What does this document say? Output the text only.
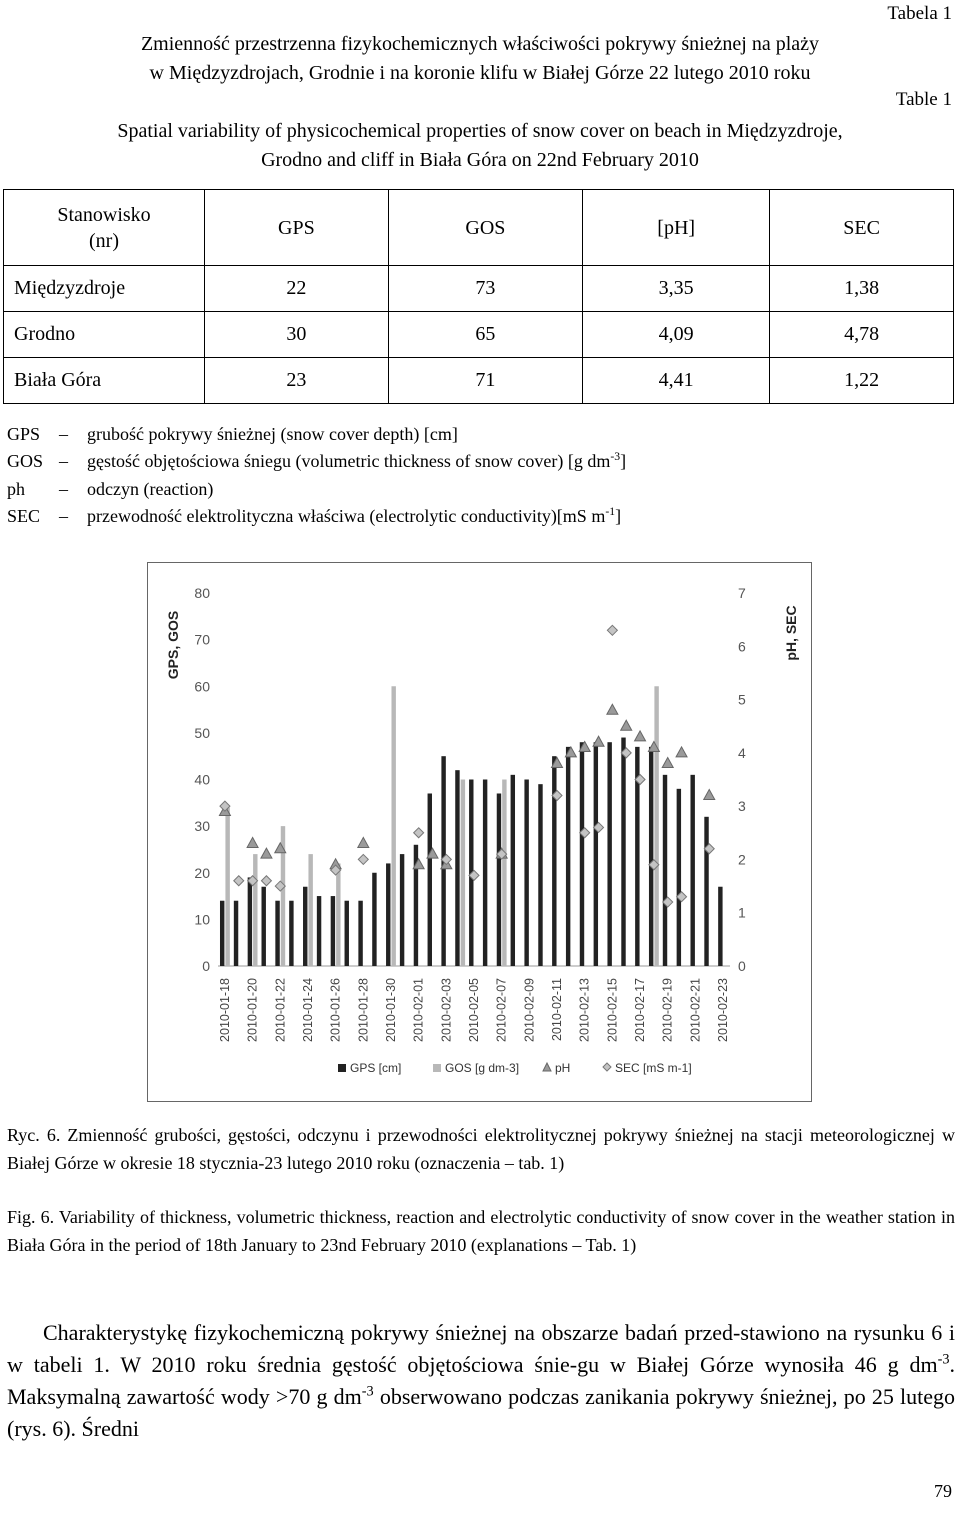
Tabela 1
Zmienność przestrzenna fizykochemicznych właściwości pokrywy śnieżnej na plaży
w Międzyzdrojach, Grodnie i na koronie klifu w Białej Górze 22 lutego 2010 roku
Table 1
Spatial variability of physicochemical properties of snow cover on beach in Międzyzdroje,
Grodno and cliff in Biała Góra on 22nd February 2010
Stanowisko
(nr)	GPS	GOS	[pH]	SEC
Międzyzdroje	22	73	3,35	1,38
Grodno	30	65	4,09	4,78
Biała Góra	23	71	4,41	1,22
GPS – grubość pokrywy śnieżnej (snow cover depth) [cm]
GOS – gęstość objętościowa śniegu (volumetric thickness of snow cover) [g $dm^{-3}$]
ph – odczyn (reaction)
SEC – przewodność elektrolityczna właściwa (electrolytic conductivity)[mS $m^{-1}$]
0
10
20
30
40
50
60
70
80
0
1
2
3
4
5
6
7
GPS, GOS	pH, SEC
2010-01-18 2010-01-20 2010-01-22 2010-01-24 2010-01-26 2010-01-28 2010-01-30 2010-02-01 2010-02-03 2010-02-05 2010-02-07 2010-02-09 2010-02-11 2010-02-13 2010-02-15 2010-02-17 2010-02-19 2010-02-21 2010-02-23
GPS [cm]	GOS [g dm-3]	pH	SEC [mS m-1]
Ryc. 6. Zmienność grubości, gęstości, odczynu i przewodności elektrolitycznej pokrywy śnieżnej na stacji meteorologicznej w Białej Górze w okresie 18 stycznia-23 lutego 2010 roku (oznaczenia – tab. 1)
Fig. 6. Variability of thickness, volumetric thickness, reaction and electrolytic conductivity of snow cover in the weather station in Biała Góra in the period of 18th January to 23nd February 2010 (explanations – Tab. 1)
Charakterystykę fizykochemiczną pokrywy śnieżnej na obszarze badań przed-stawiono na rysunku 6 i w tabeli 1. W 2010 roku średnia gęstość objętościowa śnie-gu w Białej Górze wynosiła 46 g $dm^{-3}$. Maksymalną zawartość wody >70 g $dm^{-3}$ obserwowano podczas zanikania pokrywy śnieżnej, po 25 lutego (rys. 6). Średni
79
